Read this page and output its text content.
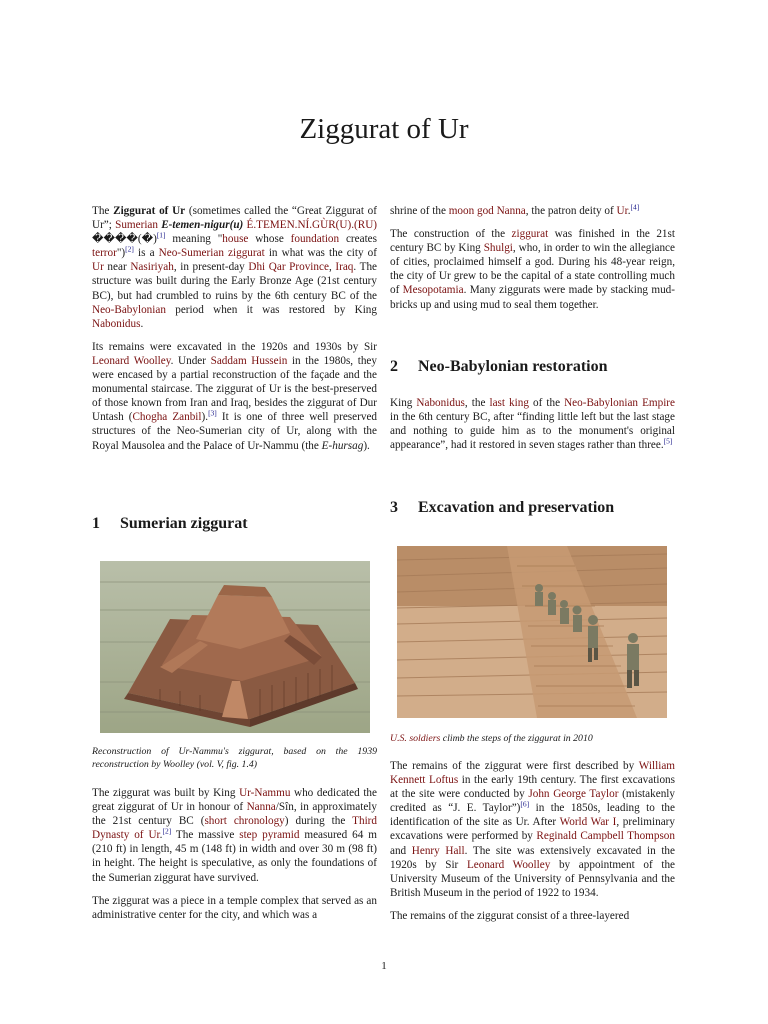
Ziggurat of Ur

The Ziggurat of Ur (sometimes called the “Great Ziggurat of Ur”; Sumerian E-temen-nigur(u) É.TEMEN.NÍ.GÙR(U).(RU) ����(�)[1] meaning "house whose foundation creates terror")[2] is a Neo-Sumerian ziggurat in what was the city of Ur near Nasiriyah, in present-day Dhi Qar Province, Iraq. The structure was built during the Early Bronze Age (21st century BC), but had crumbled to ruins by the 6th century BC of the Neo-Babylonian period when it was restored by King Nabonidus.

Its remains were excavated in the 1920s and 1930s by Sir Leonard Woolley. Under Saddam Hussein in the 1980s, they were encased by a partial reconstruction of the façade and the monumental staircase. The ziggurat of Ur is the best-preserved of those known from Iran and Iraq, besides the ziggurat of Dur Untash (Chogha Zanbil).[3] It is one of three well preserved structures of the Neo-Sumerian city of Ur, along with the Royal Mausolea and the Palace of Ur-Nammu (the E-hursag).

1 Sumerian ziggurat
Reconstruction of Ur-Nammu's ziggurat, based on the 1939 reconstruction by Woolley (vol. V, fig. 1.4)

The ziggurat was built by King Ur-Nammu who dedicated the great ziggurat of Ur in honour of Nanna/Sîn, in approximately the 21st century BC (short chronology) during the Third Dynasty of Ur.[2] The massive step pyramid measured 64 m (210 ft) in length, 45 m (148 ft) in width and over 30 m (98 ft) in height. The height is speculative, as only the foundations of the Sumerian ziggurat have survived.

The ziggurat was a piece in a temple complex that served as an administrative center for the city, and which was a

shrine of the moon god Nanna, the patron deity of Ur.[4]

The construction of the ziggurat was finished in the 21st century BC by King Shulgi, who, in order to win the allegiance of cities, proclaimed himself a god. During his 48-year reign, the city of Ur grew to be the capital of a state controlling much of Mesopotamia. Many ziggurats were made by stacking mud-bricks up and using mud to seal them together.

2 Neo-Babylonian restoration

King Nabonidus, the last king of the Neo-Babylonian Empire in the 6th century BC, after “finding little left but the last stage and nothing to guide him as to the monument's original appearance”, had it restored in seven stages rather than three.[5]

3 Excavation and preservation
U.S. soldiers climb the steps of the ziggurat in 2010

The remains of the ziggurat were first described by William Kennett Loftus in the early 19th century. The first excavations at the site were conducted by John George Taylor (mistakenly credited as “J. E. Taylor”)[6] in the 1850s, leading to the identification of the site as Ur. After World War I, preliminary excavations were performed by Reginald Campbell Thompson and Henry Hall. The site was extensively excavated in the 1920s by Sir Leonard Woolley by appointment of the University Museum of the University of Pennsylvania and the British Museum in the period of 1922 to 1934.

The remains of the ziggurat consist of a three-layered

1
